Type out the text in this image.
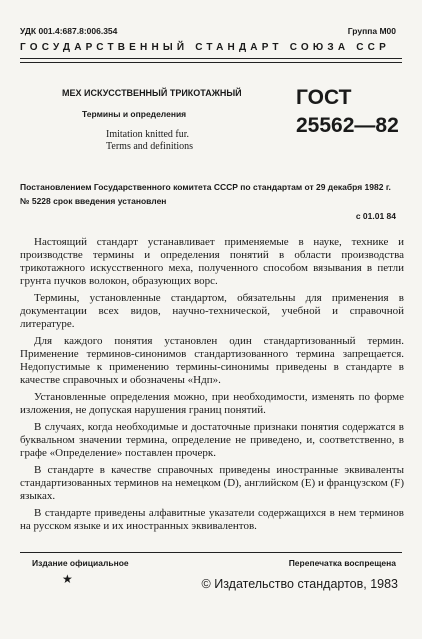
УДК 001.4:687.8:006.354	Группа М00
ГОСУДАРСТВЕННЫЙ СТАНДАРТ СОЮЗА ССР
МЕХ ИСКУССТВЕННЫЙ ТРИКОТАЖНЫЙ
Термины и определения
Imitation knitted fur.
Terms and definitions
ГОСТ
25562—82
Постановлением Государственного комитета СССР по стандартам от 29 декабря 1982 г. № 5228 срок введения установлен
с 01.01 84

Настоящий стандарт устанавливает применяемые в науке, технике и производстве термины и определения понятий в области производства трикотажного искусственного меха, полученного способом вязывания в петли грунта пучков волокон, образующих ворс.

Термины, установленные стандартом, обязательны для применения в документации всех видов, научно-технической, учебной и справочной литературе.

Для каждого понятия установлен один стандартизованный термин. Применение терминов-синонимов стандартизованного термина запрещается. Недопустимые к применению термины-синонимы приведены в стандарте в качестве справочных и обозначены «Ндп».

Установленные определения можно, при необходимости, изменять по форме изложения, не допуская нарушения границ понятий.

В случаях, когда необходимые и достаточные признаки понятия содержатся в буквальном значении термина, определение не приведено, и, соответственно, в графе «Определение» поставлен прочерк.

В стандарте в качестве справочных приведены иностранные эквиваленты стандартизованных терминов на немецком (D), английском (E) и французском (F) языках.

В стандарте приведены алфавитные указатели содержащихся в нем терминов на русском языке и их иностранных эквивалентов.

Издание официальное	Перепечатка воспрещена
★	© Издательство стандартов, 1983
